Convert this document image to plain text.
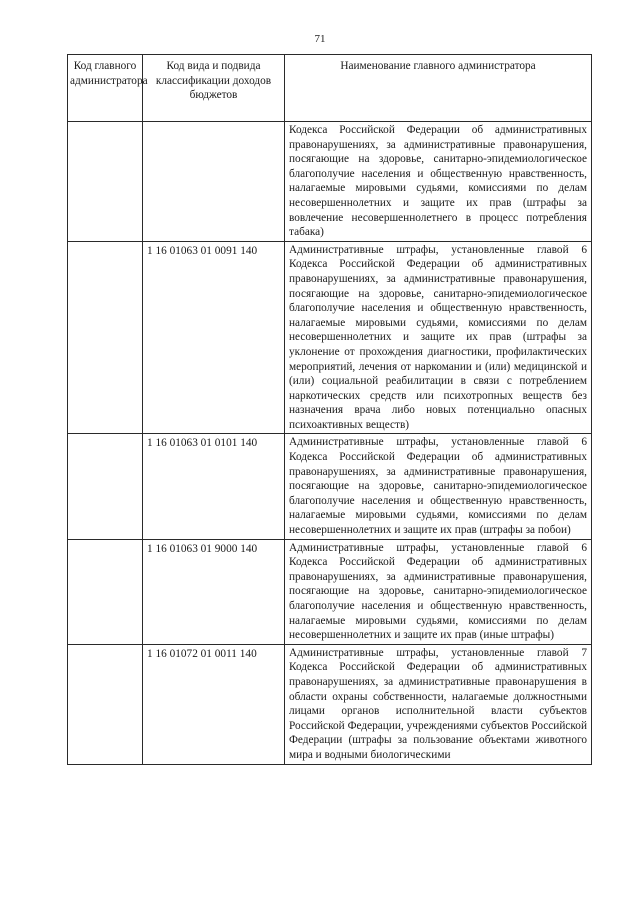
71
Код главного администратора	Код вида и подвида классификации доходов бюджетов	Наименование главного администратора
		Кодекса Российской Федерации об административных правонарушениях, за административные правонарушения, посягающие на здоровье, санитарно-эпидемиологическое благополучие населения и общественную нравственность, налагаемые мировыми судьями, комиссиями по делам несовершеннолетних и защите их прав (штрафы за вовлечение несовершеннолетнего в процесс потребления табака)
	1 16 01063 01 0091 140	Административные штрафы, установленные главой 6 Кодекса Российской Федерации об административных правонарушениях, за административные правонарушения, посягающие на здоровье, санитарно-эпидемиологическое благополучие населения и общественную нравственность, налагаемые мировыми судьями, комиссиями по делам несовершеннолетних и защите их прав (штрафы за уклонение от прохождения диагностики, профилактических мероприятий, лечения от наркомании и (или) медицинской и (или) социальной реабилитации в связи с потреблением наркотических средств или психотропных веществ без назначения врача либо новых потенциально опасных психоактивных веществ)
	1 16 01063 01 0101 140	Административные штрафы, установленные главой 6 Кодекса Российской Федерации об административных правонарушениях, за административные правонарушения, посягающие на здоровье, санитарно-эпидемиологическое благополучие населения и общественную нравственность, налагаемые мировыми судьями, комиссиями по делам несовершеннолетних и защите их прав (штрафы за побои)
	1 16 01063 01 9000 140	Административные штрафы, установленные главой 6 Кодекса Российской Федерации об административных правонарушениях, за административные правонарушения, посягающие на здоровье, санитарно-эпидемиологическое благополучие населения и общественную нравственность, налагаемые мировыми судьями, комиссиями по делам несовершеннолетних и защите их прав (иные штрафы)
	1 16 01072 01 0011 140	Административные штрафы, установленные главой 7 Кодекса Российской Федерации об административных правонарушениях, за административные правонарушения в области охраны собственности, налагаемые должностными лицами органов исполнительной власти субъектов Российской Федерации, учреждениями субъектов Российской Федерации (штрафы за пользование объектами животного мира и водными биологическими
